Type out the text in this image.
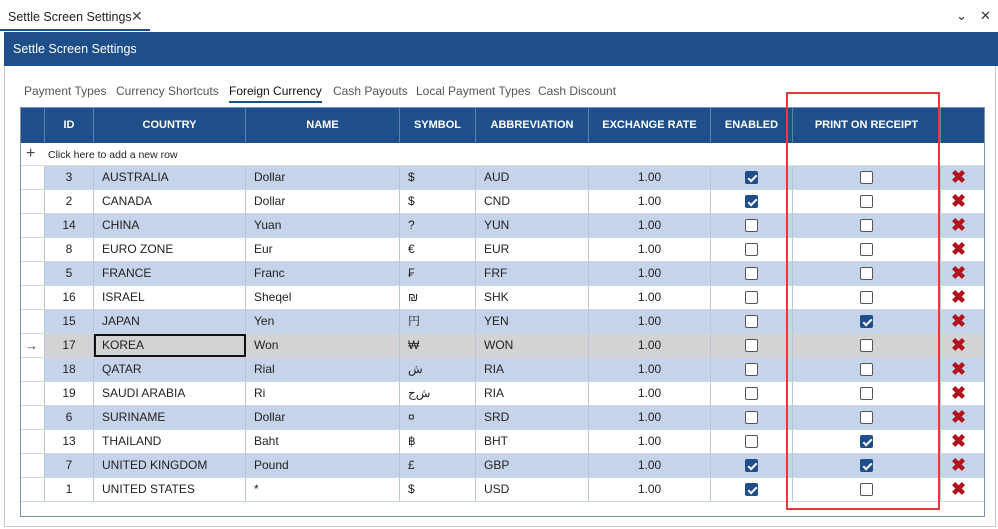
Settle Screen Settings ✕	⌄ ✕
Settle Screen Settings
Payment Types Currency Shortcuts Foreign Currency Cash Payouts Local Payment Types Cash Discount
ID	COUNTRY	NAME	SYMBOL	ABBREVIATION	EXCHANGE RATE	ENABLED	PRINT ON RECEIPT
+ Click here to add a new row
3	AUSTRALIA	Dollar	$	AUD	1.00	✖
2	CANADA	Dollar	$	CND	1.00	✖
14	CHINA	Yuan	?	YUN	1.00	✖
8	EURO ZONE	Eur	€	EUR	1.00	✖
5	FRANCE	Franc	₣	FRF	1.00	✖
16	ISRAEL	Sheqel	₪	SHK	1.00	✖
15	JAPAN	Yen	円	YEN	1.00	✖
→	17	KOREA	Won	₩	WON	1.00	✖
18	QATAR	Rial	ﺵ	RIA	1.00	✖
19	SAUDI ARABIA	Ri	ﺵﺝ	RIA	1.00	✖
6	SURINAME	Dollar	¤	SRD	1.00	✖
13	THAILAND	Baht	฿	BHT	1.00	✖
7	UNITED KINGDOM	Pound	£	GBP	1.00	✖
1	UNITED STATES	*	$	USD	1.00	✖
